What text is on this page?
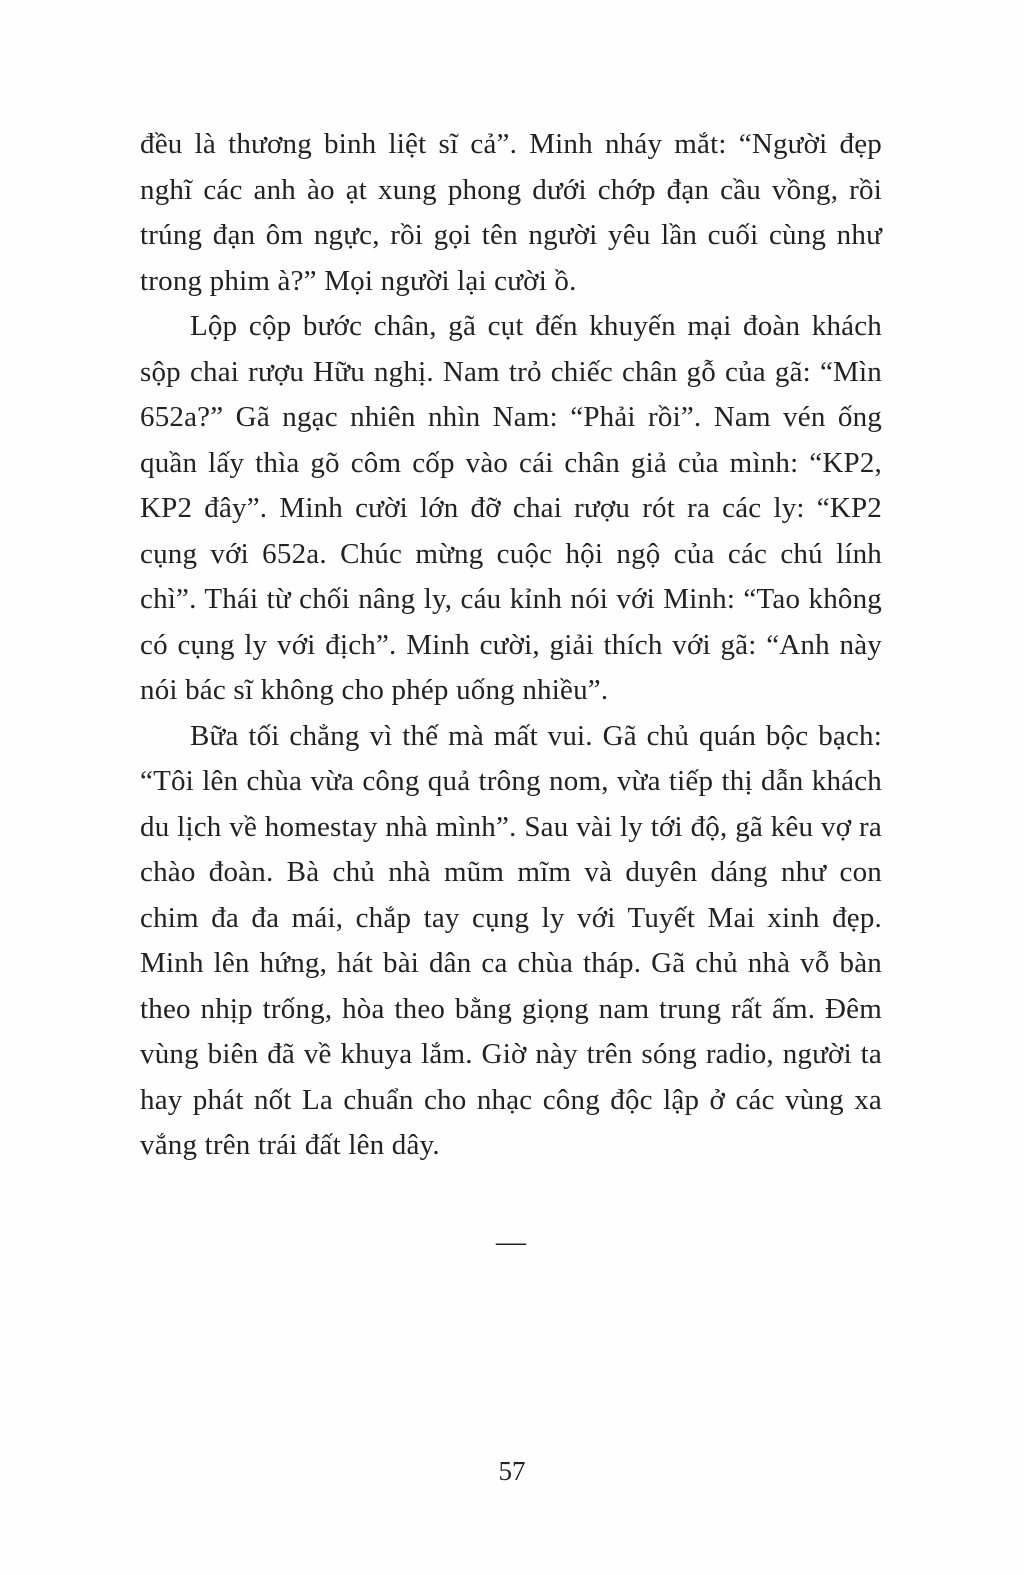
đều là thương binh liệt sĩ cả”. Minh nháy mắt: “Người đẹp nghĩ các anh ào ạt xung phong dưới chớp đạn cầu vồng, rồi trúng đạn ôm ngực, rồi gọi tên người yêu lần cuối cùng như trong phim à?” Mọi người lại cười ồ.

Lộp cộp bước chân, gã cụt đến khuyến mại đoàn khách sộp chai rượu Hữu nghị. Nam trỏ chiếc chân gỗ của gã: “Mìn 652a?” Gã ngạc nhiên nhìn Nam: “Phải rồi”. Nam vén ống quần lấy thìa gõ côm cốp vào cái chân giả của mình: “KP2, KP2 đây”. Minh cười lớn đỡ chai rượu rót ra các ly: “KP2 cụng với 652a. Chúc mừng cuộc hội ngộ của các chú lính chì”. Thái từ chối nâng ly, cáu kỉnh nói với Minh: “Tao không có cụng ly với địch”. Minh cười, giải thích với gã: “Anh này nói bác sĩ không cho phép uống nhiều”.

Bữa tối chẳng vì thế mà mất vui. Gã chủ quán bộc bạch: “Tôi lên chùa vừa công quả trông nom, vừa tiếp thị dẫn khách du lịch về homestay nhà mình”. Sau vài ly tới độ, gã kêu vợ ra chào đoàn. Bà chủ nhà mũm mĩm và duyên dáng như con chim đa đa mái, chắp tay cụng ly với Tuyết Mai xinh đẹp. Minh lên hứng, hát bài dân ca chùa tháp. Gã chủ nhà vỗ bàn theo nhịp trống, hòa theo bằng giọng nam trung rất ấm. Đêm vùng biên đã về khuya lắm. Giờ này trên sóng radio, người ta hay phát nốt La chuẩn cho nhạc công độc lập ở các vùng xa vắng trên trái đất lên dây.

—
57
